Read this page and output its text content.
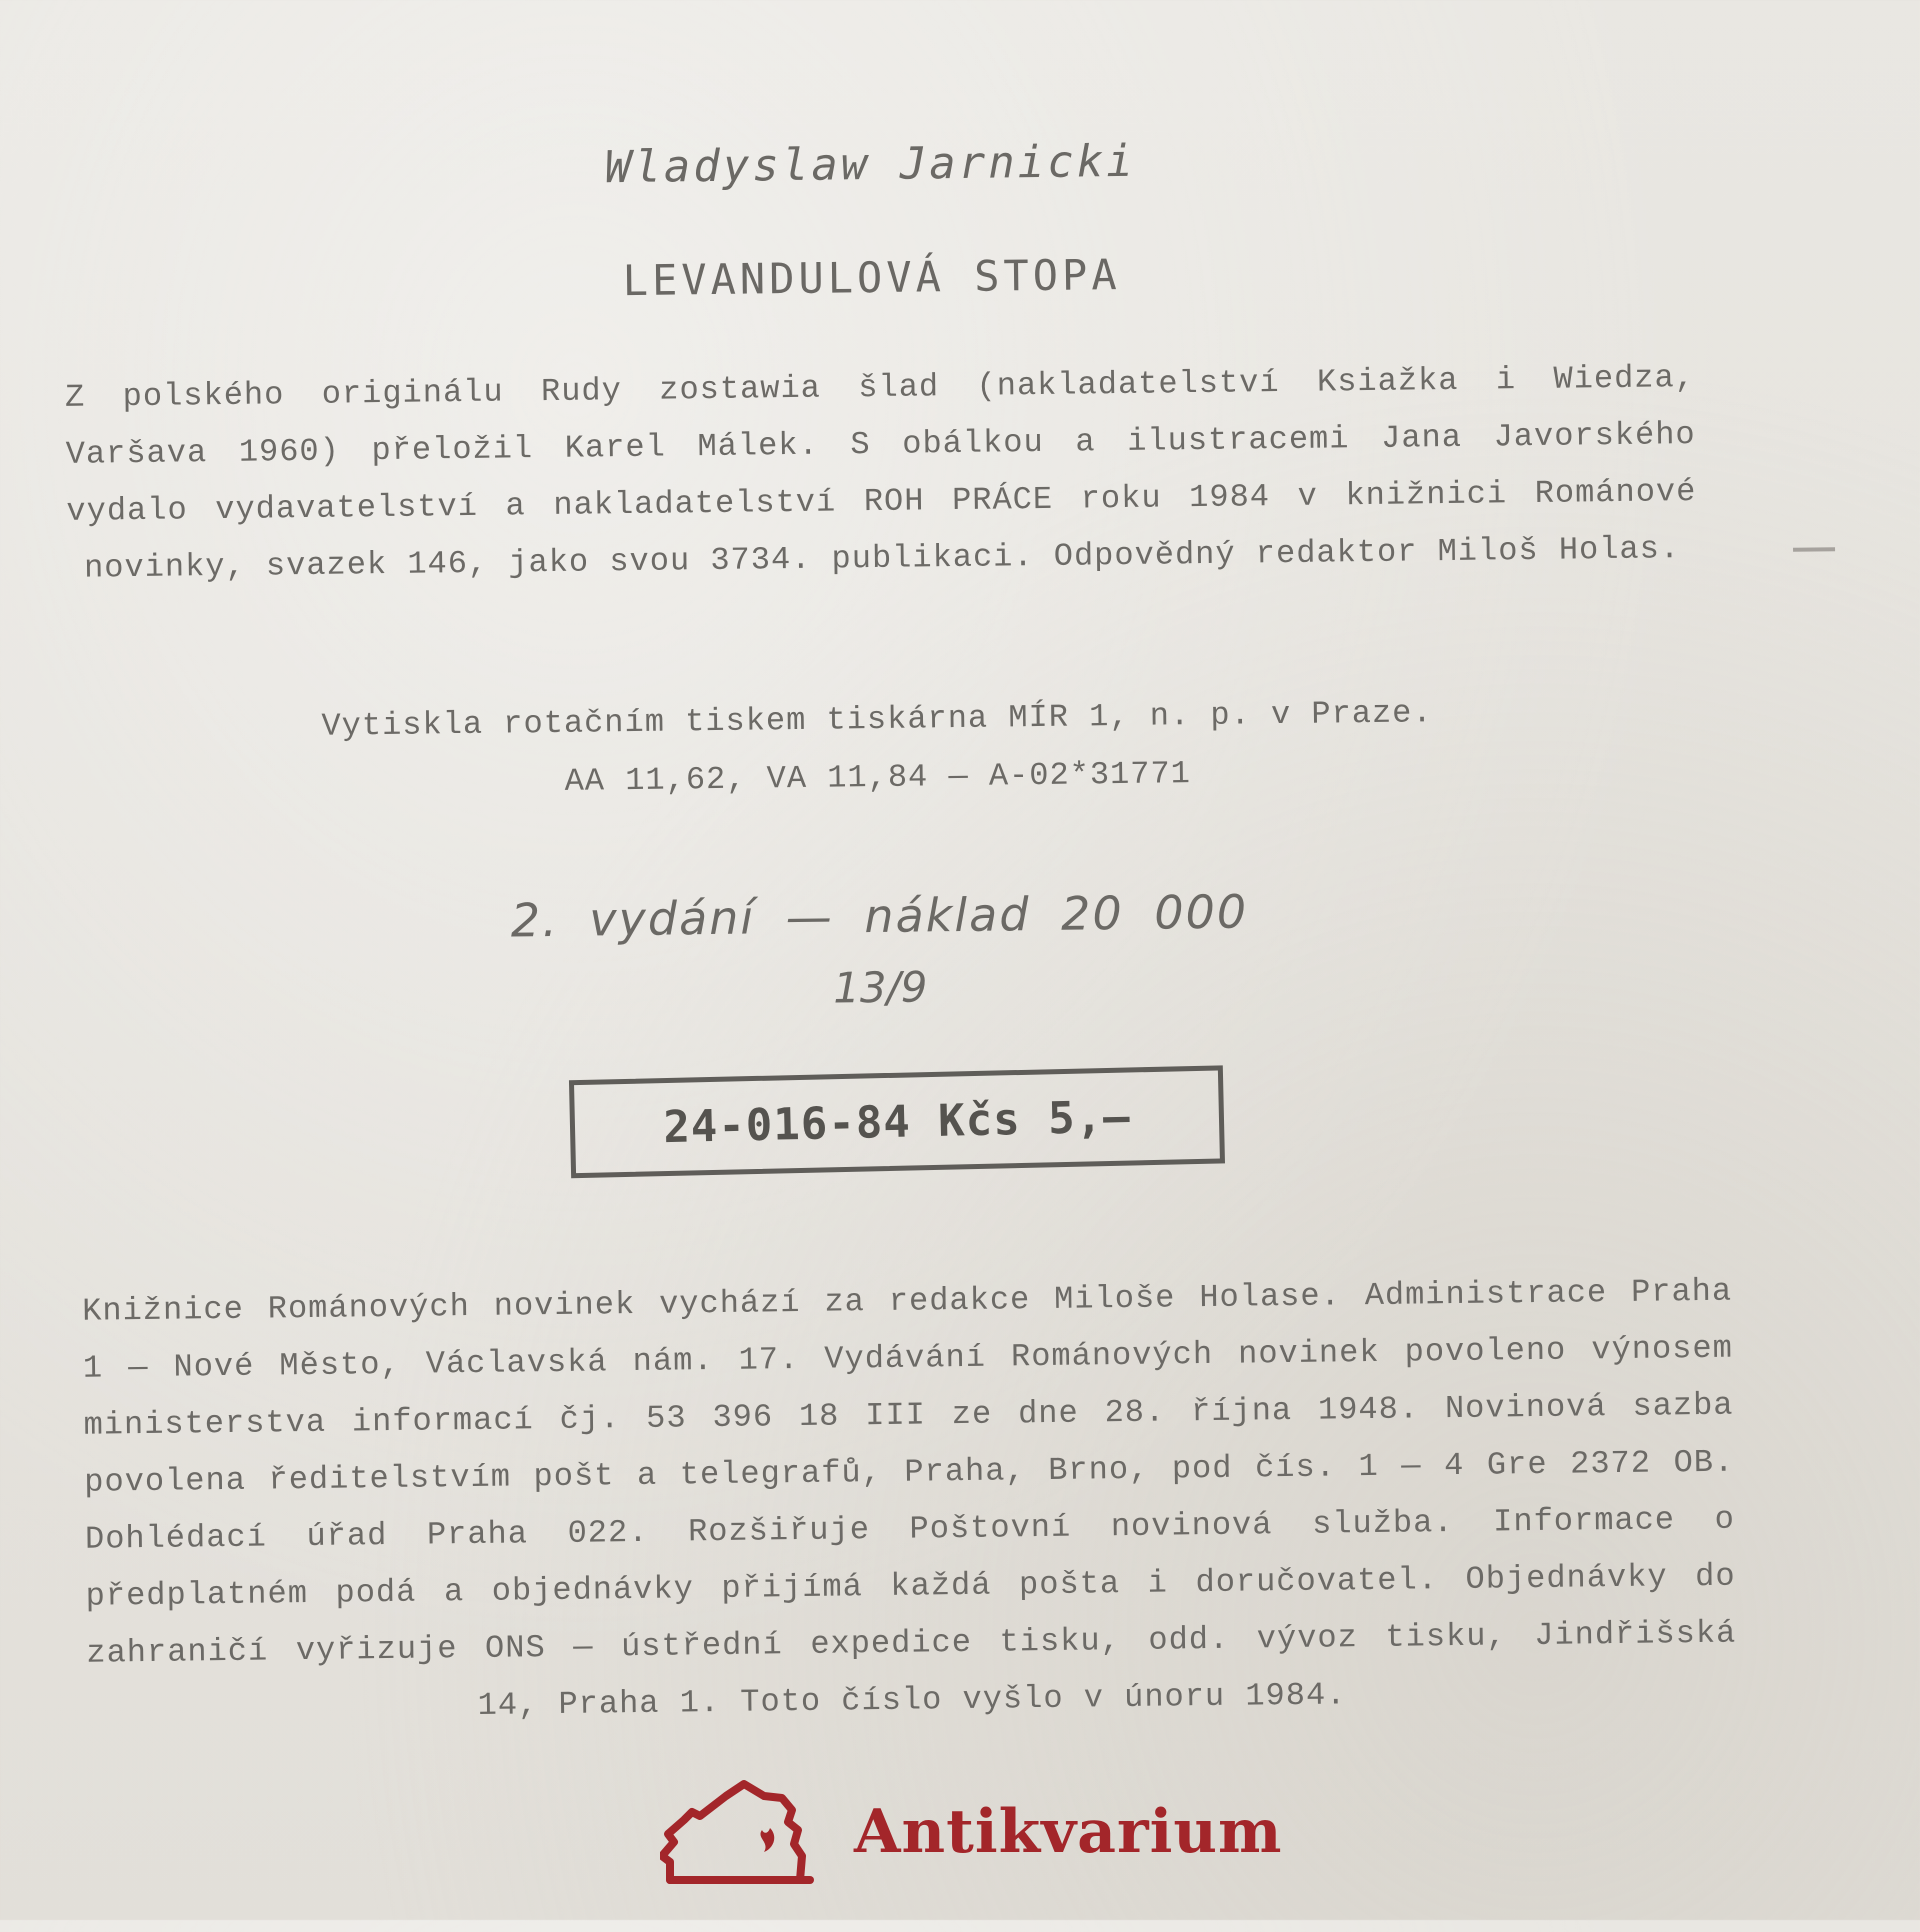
Wladyslaw Jarnicki
LEVANDULOVÁ STOPA
Z polského originálu Rudy zostawia šlad (nakladatelství Ksiažka i Wiedza, Varšava 1960) přeložil Karel Málek. S obálkou a ilustracemi Jana Javorského vydalo vydavatelství a nakladatelství ROH PRÁCE roku 1984 v knižnici Románové novinky, svazek 146, jako svou 3734. publikaci. Odpovědný redaktor Miloš Holas.
Vytiskla rotačním tiskem tiskárna MÍR 1, n. p. v Praze.
AA 11,62, VA 11,84 — A-02*31771
2. vydání — náklad 20 000
13/9
24-016-84 Kčs 5,—
Knižnice Románových novinek vychází za redakce Miloše Holase. Administrace Praha 1 — Nové Město, Václavská nám. 17. Vydávání Románových novinek povoleno výnosem ministerstva informací čj. 53 396 18 III ze dne 28. října 1948. Novinová sazba povolena ředitelstvím pošt a telegrafů, Praha, Brno, pod čís. 1 — 4 Gre 2372 OB. Dohlédací úřad Praha 022. Rozšiřuje Poštovní novinová služba. Informace o předplatném podá a objednávky přijímá každá pošta i doručovatel. Objednávky do zahraničí vyřizuje ONS — ústřední expedice tisku, odd. vývoz tisku, Jindřišská 14, Praha 1. Toto číslo vyšlo v únoru 1984.
Antikvarium
